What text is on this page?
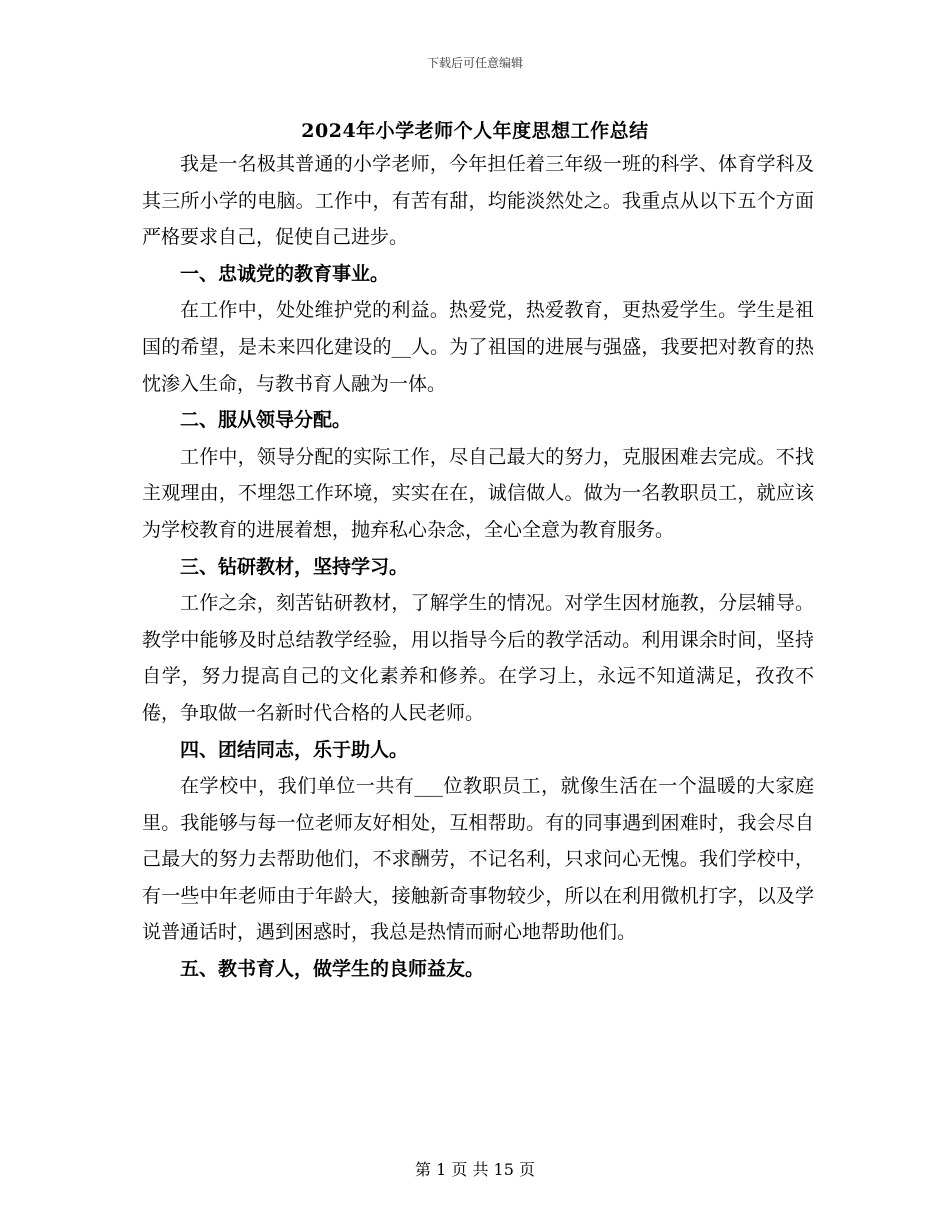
下载后可任意编辑
2024年小学老师个人年度思想工作总结

我是一名极其普通的小学老师，今年担任着三年级一班的科学、体育学科及其三所小学的电脑。工作中，有苦有甜，均能淡然处之。我重点从以下五个方面严格要求自己，促使自己进步。

一、忠诚党的教育事业。

在工作中，处处维护党的利益。热爱党，热爱教育，更热爱学生。学生是祖国的希望，是未来四化建设的__人。为了祖国的进展与强盛，我要把对教育的热忱渗入生命，与教书育人融为一体。

二、服从领导分配。

工作中，领导分配的实际工作，尽自己最大的努力，克服困难去完成。不找主观理由，不埋怨工作环境，实实在在，诚信做人。做为一名教职员工，就应该为学校教育的进展着想，抛弃私心杂念，全心全意为教育服务。

三、钻研教材，坚持学习。

工作之余，刻苦钻研教材，了解学生的情况。对学生因材施教，分层辅导。教学中能够及时总结教学经验，用以指导今后的教学活动。利用课余时间，坚持自学，努力提高自己的文化素养和修养。在学习上，永远不知道满足，孜孜不倦，争取做一名新时代合格的人民老师。

四、团结同志，乐于助人。

在学校中，我们单位一共有___位教职员工，就像生活在一个温暖的大家庭里。我能够与每一位老师友好相处，互相帮助。有的同事遇到困难时，我会尽自己最大的努力去帮助他们，不求酬劳，不记名利，只求问心无愧。我们学校中，有一些中年老师由于年龄大，接触新奇事物较少，所以在利用微机打字，以及学说普通话时，遇到困惑时，我总是热情而耐心地帮助他们。

五、教书育人，做学生的良师益友。

第 1 页 共 15 页
